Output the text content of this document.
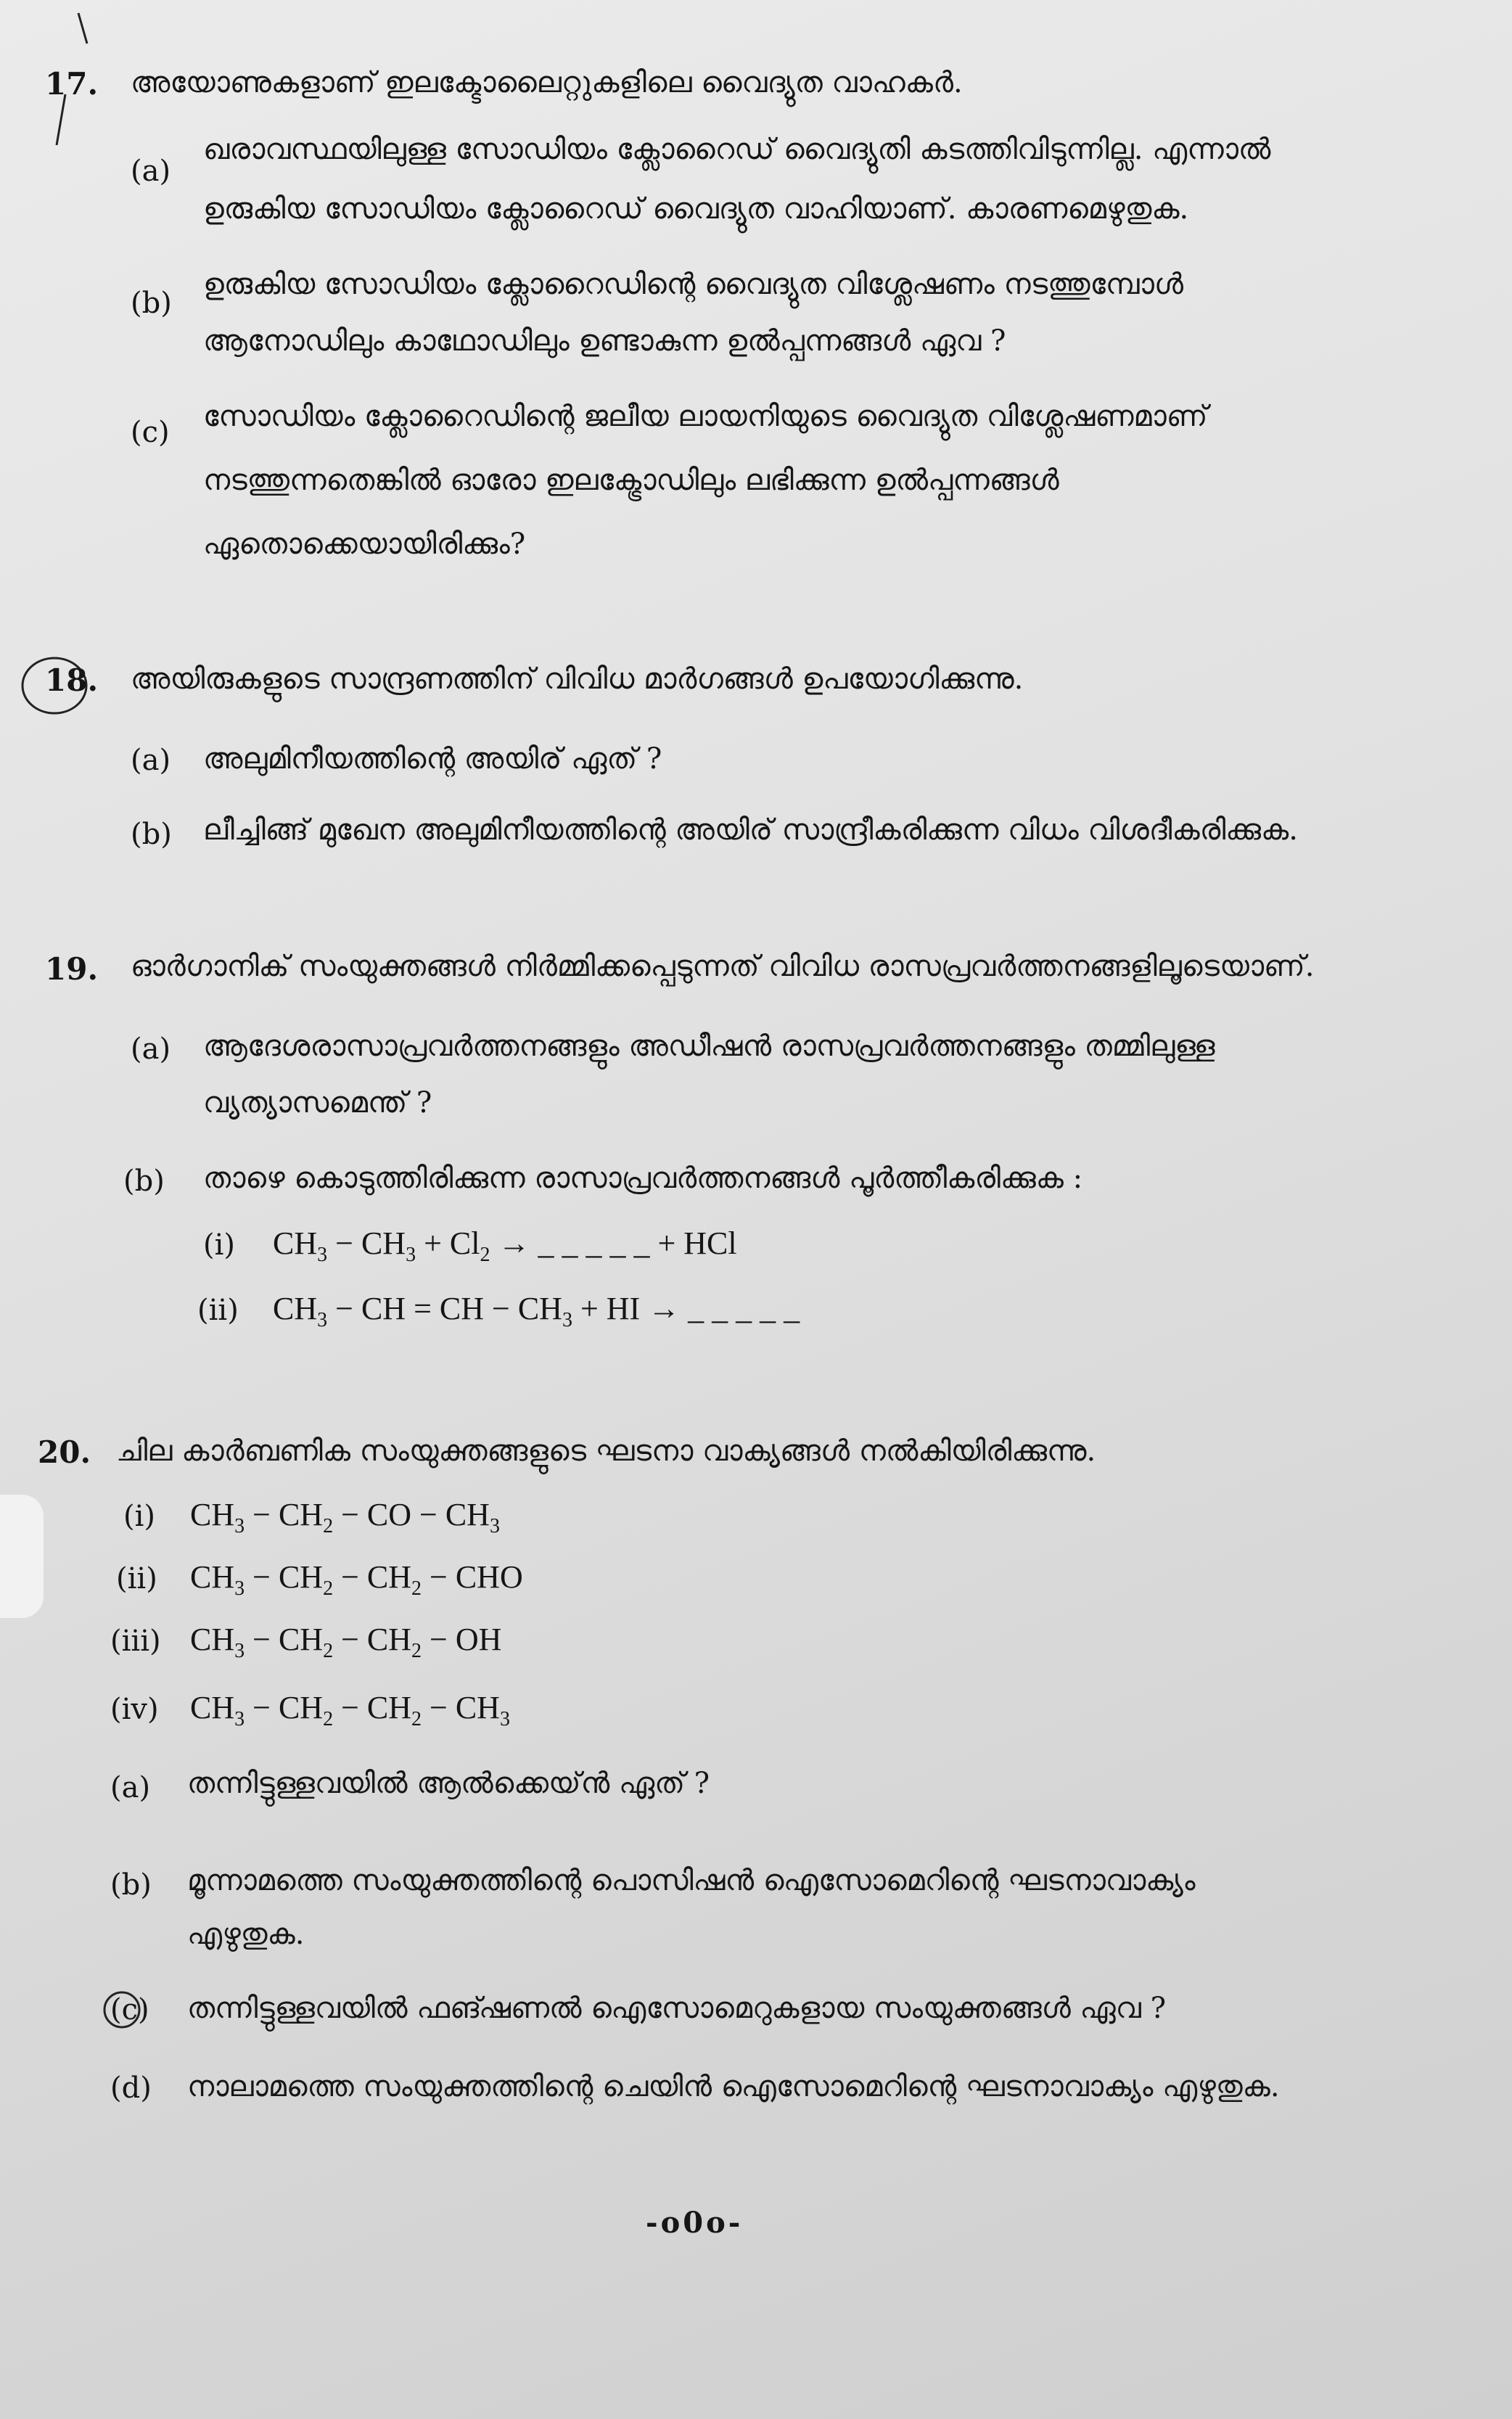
17. അയോണുകളാണ് ഇലക്ടോലൈറ്റുകളിലെ വൈദ്യുത വാഹകർ.
(a)
ഖരാവസ്ഥയിലുള്ള സോഡിയം ക്ലോറൈഡ് വൈദ്യുതി കടത്തിവിടുന്നില്ല. എന്നാൽ
ഉരുകിയ സോഡിയം ക്ലോറൈഡ് വൈദ്യുത വാഹിയാണ്. കാരണമെഴുതുക.
(b)
ഉരുകിയ സോഡിയം ക്ലോറൈഡിന്റെ വൈദ്യുത വിശ്ലേഷണം നടത്തുമ്പോൾ
ആനോഡിലും കാഥോഡിലും ഉണ്ടാകുന്ന ഉൽപ്പന്നങ്ങൾ ഏവ ?
(c) സോഡിയം ക്ലോറൈഡിന്റെ ജലീയ ലായനിയുടെ വൈദ്യുത വിശ്ലേഷണമാണ്
നടത്തുന്നതെങ്കിൽ ഓരോ ഇലക്ട്രോഡിലും ലഭിക്കുന്ന ഉൽപ്പന്നങ്ങൾ
ഏതൊക്കെയായിരിക്കും?
18. അയിരുകളുടെ സാന്ദ്രണത്തിന് വിവിധ മാർഗങ്ങൾ ഉപയോഗിക്കുന്നു.
(a) അലുമിനീയത്തിന്റെ അയിര് ഏത് ?
(b) ലീച്ചിങ്ങ് മുഖേന അലുമിനീയത്തിന്റെ അയിര് സാന്ദ്രീകരിക്കുന്ന വിധം വിശദീകരിക്കുക.
19. ഓർഗാനിക് സംയുക്തങ്ങൾ നിർമ്മിക്കപ്പെടുന്നത് വിവിധ രാസപ്രവർത്തനങ്ങളിലൂടെയാണ്.
(a) ആദേശരാസാപ്രവർത്തനങ്ങളും അഡീഷൻ രാസപ്രവർത്തനങ്ങളും തമ്മിലുള്ള
വ്യത്യാസമെന്ത് ?
(b) താഴെ കൊടുത്തിരിക്കുന്ന രാസാപ്രവർത്തനങ്ങൾ പൂർത്തീകരിക്കുക :
(i) $CH_3 - CH_3 + Cl_2$ → _ _ _ _ _ + HCl
(ii) $CH_3$ − CH = CH − $CH_3$ + HI → _ _ _ _ _
20. ചില കാർബണിക സംയുക്തങ്ങളുടെ ഘടനാ വാക്യങ്ങൾ നൽകിയിരിക്കുന്നു.
(i) $CH_3 - CH_2$ − CO − $CH_3$
(ii) $CH_3 - CH_2 - CH_2$ − CHO
(iii) $CH_3 - CH_2 - CH_2$ − OH
(iv) $CH_3 - CH_2 - CH_2 - CH_3$
(a) തന്നിട്ടുള്ളവയിൽ ആൽക്കെയ്ൻ ഏത് ?
(b) മൂന്നാമത്തെ സംയുക്തത്തിന്റെ പൊസിഷൻ ഐസോമെറിന്റെ ഘടനാവാക്യം
എഴുതുക.
(c) തന്നിട്ടുള്ളവയിൽ ഫങ്ഷണൽ ഐസോമെറുകളായ സംയുക്തങ്ങൾ ഏവ ?
(d) നാലാമത്തെ സംയുക്തത്തിന്റെ ചെയിൻ ഐസോമെറിന്റെ ഘടനാവാക്യം എഴുതുക.
-o0o-
